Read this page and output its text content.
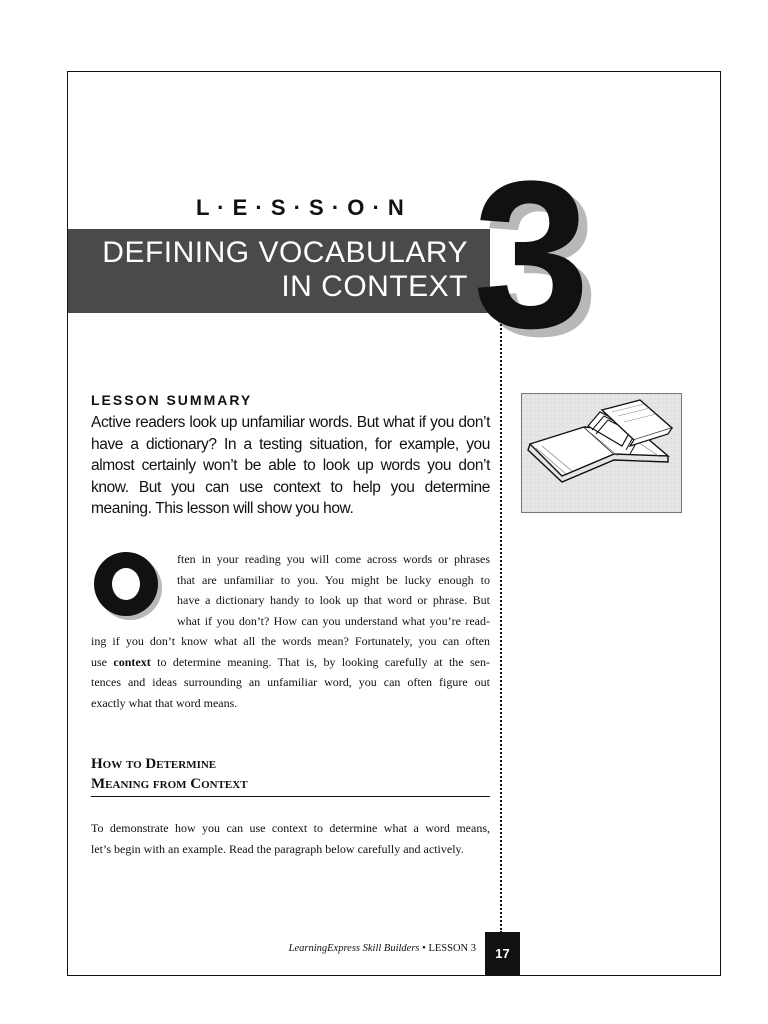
L · E · S · S · O · N
DEFINING VOCABULARY
IN CONTEXT 3
LESSON SUMMARY
Active readers look up unfamiliar words. But what if you don’t have a dictionary? In a testing situation, for example, you almost certainly won’t be able to look up words you don’t know. But you can use context to help you determine meaning. This lesson will show you how.
O
ften in your reading you will come across words or phrases
that are unfamiliar to you. You might be lucky enough to
have a dictionary handy to look up that word or phrase. But
what if you don’t? How can you understand what you’re read-
ing if you don’t know what all the words mean? Fortunately, you can often
use context to determine meaning. That is, by looking carefully at the sen-
tences and ideas surrounding an unfamiliar word, you can often figure out
exactly what that word means.
How to Determine
Meaning from Context
To demonstrate how you can use context to determine what a word means,
let’s begin with an example. Read the paragraph below carefully and actively.
LearningExpress Skill Builders • LESSON 3	17
